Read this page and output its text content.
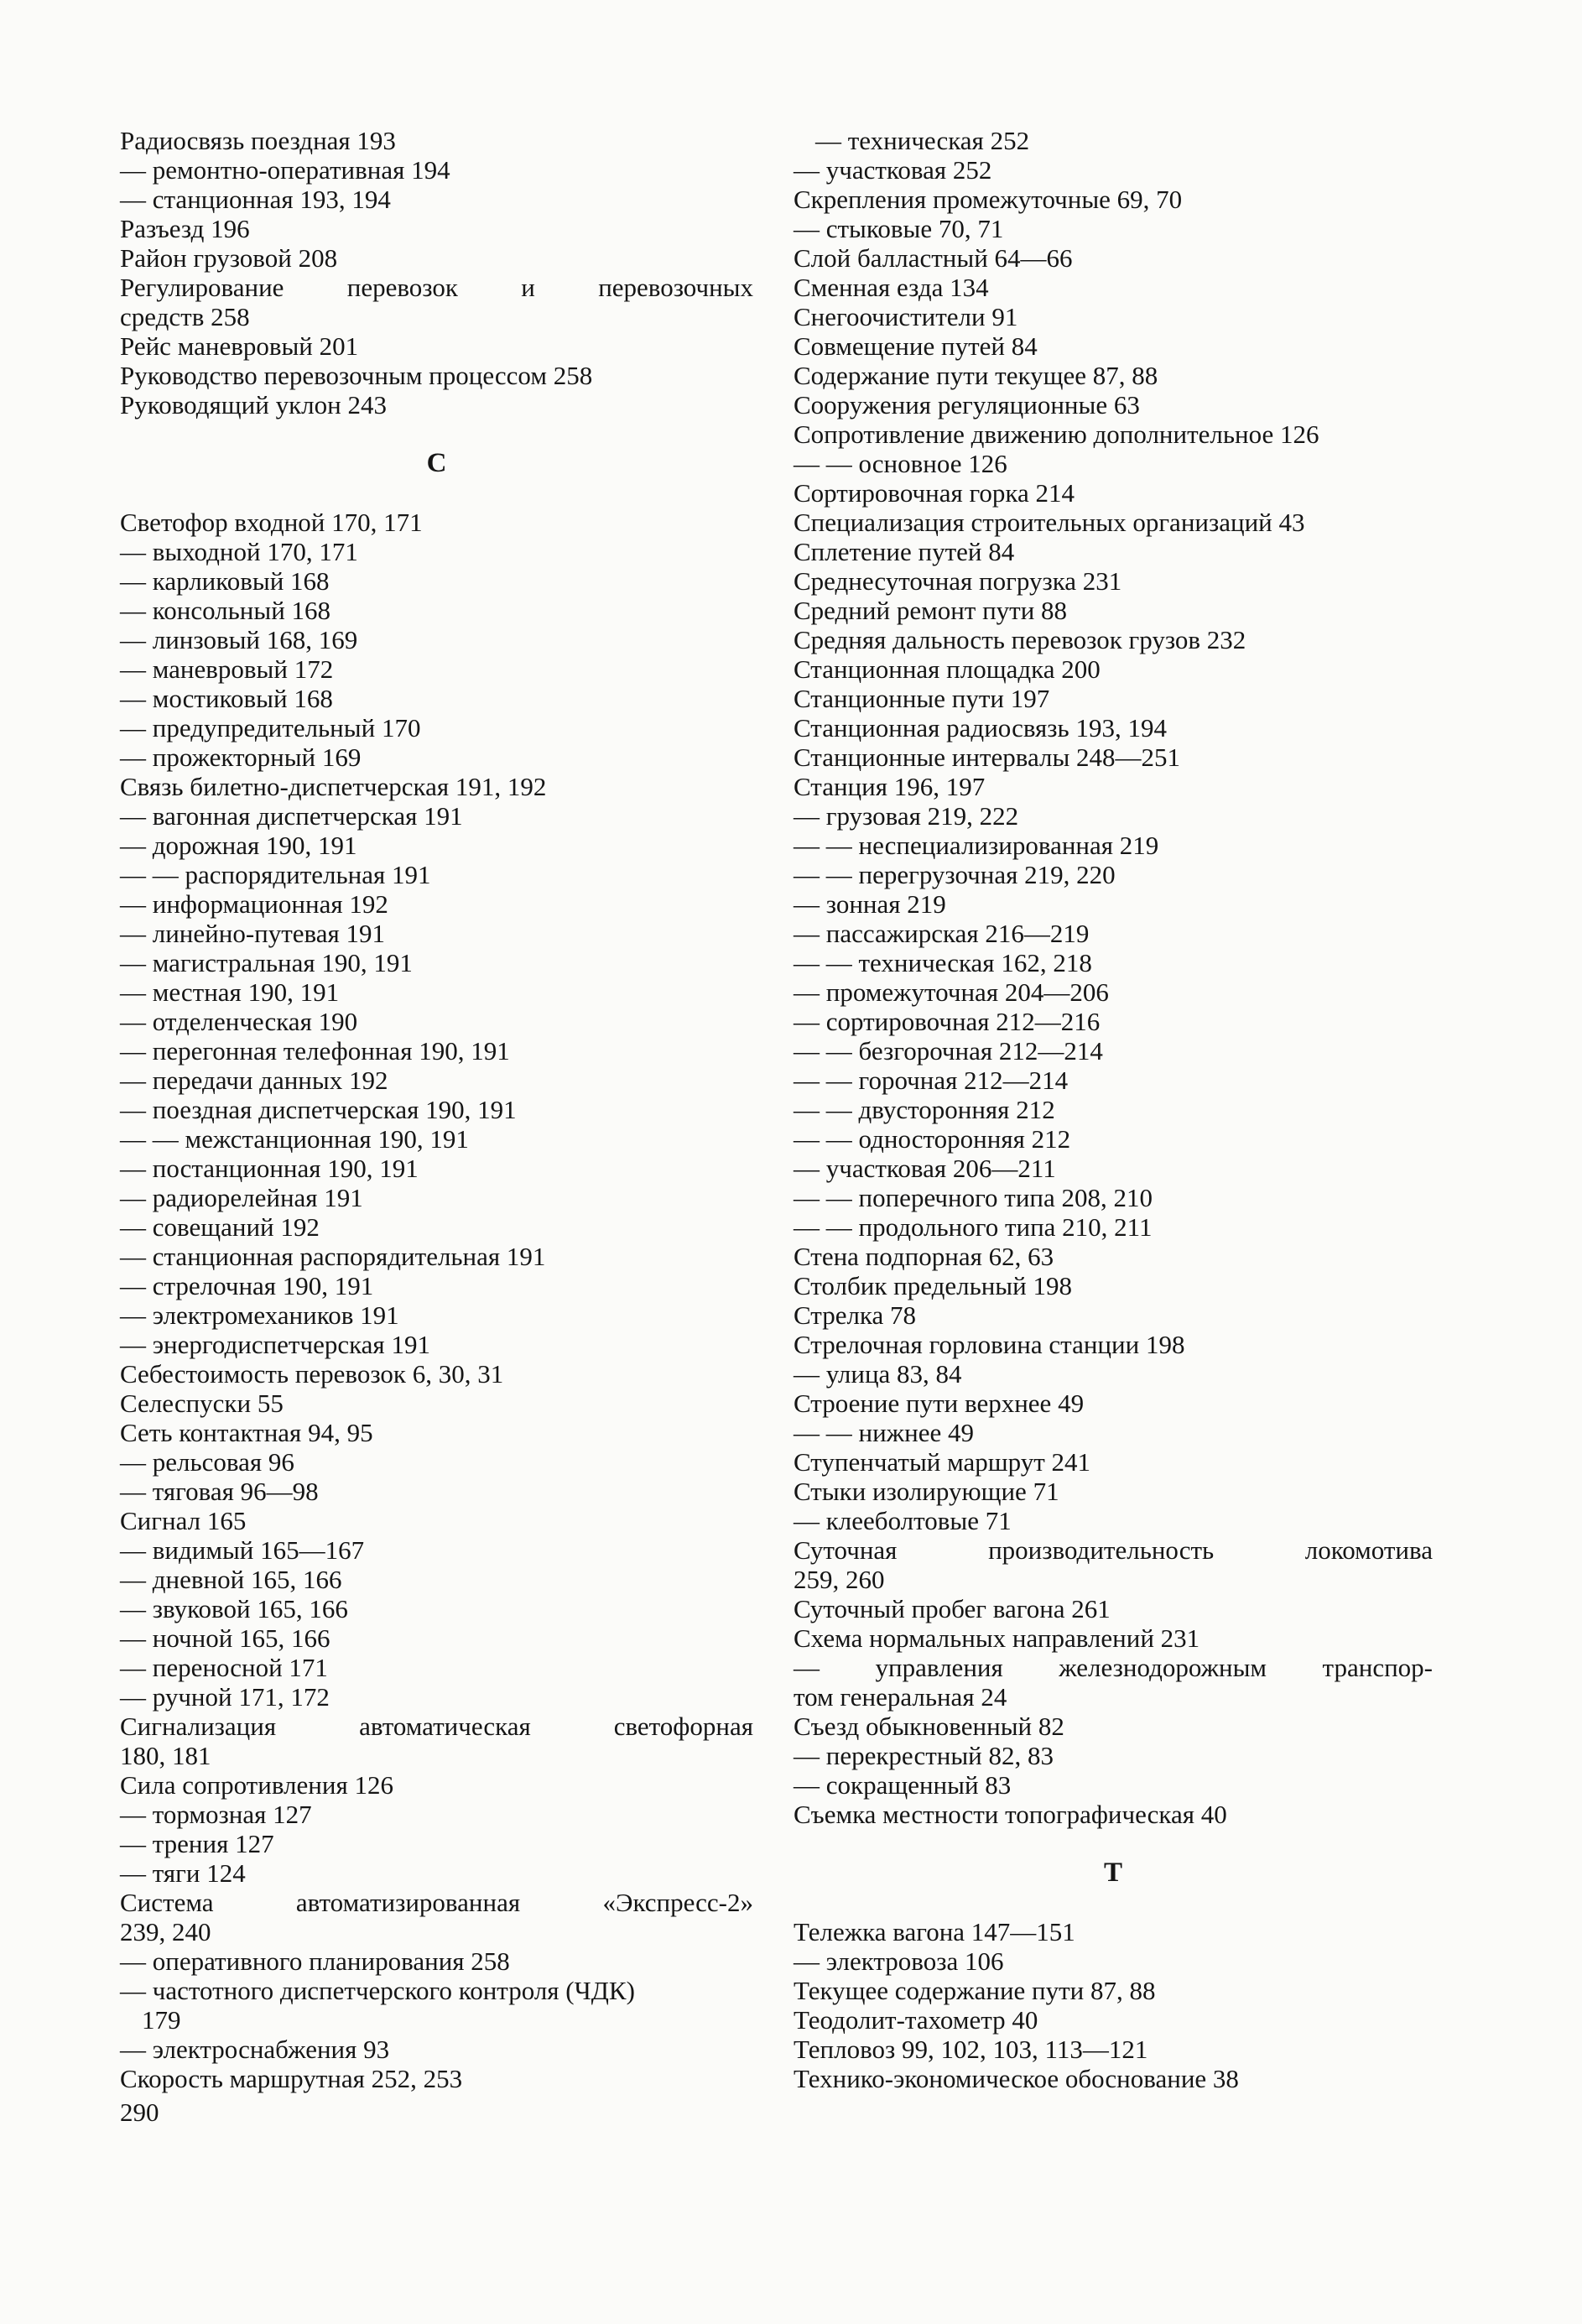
Радиосвязь поездная 193
— ремонтно-оперативная 194
— станционная 193, 194
Разъезд 196
Район грузовой 208
Регулирование перевозок и перевозочных
средств 258
Рейс маневровый 201
Руководство перевозочным процессом 258
Руководящий уклон 243
С
Светофор входной 170, 171
— выходной 170, 171
— карликовый 168
— консольный 168
— линзовый 168, 169
— маневровый 172
— мостиковый 168
— предупредительный 170
— прожекторный 169
Связь билетно-диспетчерская 191, 192
— вагонная диспетчерская 191
— дорожная 190, 191
— — распорядительная 191
— информационная 192
— линейно-путевая 191
— магистральная 190, 191
— местная 190, 191
— отделенческая 190
— перегонная телефонная 190, 191
— передачи данных 192
— поездная диспетчерская 190, 191
— — межстанционная 190, 191
— постанционная 190, 191
— радиорелейная 191
— совещаний 192
— станционная распорядительная 191
— стрелочная 190, 191
— электромехаников 191
— энергодиспетчерская 191
Себестоимость перевозок 6, 30, 31
Селеспуски 55
Сеть контактная 94, 95
— рельсовая 96
— тяговая 96—98
Сигнал 165
— видимый 165—167
— дневной 165, 166
— звуковой 165, 166
— ночной 165, 166
— переносной 171
— ручной 171, 172
Сигнализация автоматическая светофорная
180, 181
Сила сопротивления 126
— тормозная 127
— трения 127
— тяги 124
Система автоматизированная «Экспресс-2»
239, 240
— оперативного планирования 258
— частотного диспетчерского контроля (ЧДК)
179
— электроснабжения 93
Скорость маршрутная 252, 253
— техническая 252
— участковая 252
Скрепления промежуточные 69, 70
— стыковые 70, 71
Слой балластный 64—66
Сменная езда 134
Снегоочистители 91
Совмещение путей 84
Содержание пути текущее 87, 88
Сооружения регуляционные 63
Сопротивление движению дополнительное 126
— — основное 126
Сортировочная горка 214
Специализация строительных организаций 43
Сплетение путей 84
Среднесуточная погрузка 231
Средний ремонт пути 88
Средняя дальность перевозок грузов 232
Станционная площадка 200
Станционные пути 197
Станционная радиосвязь 193, 194
Станционные интервалы 248—251
Станция 196, 197
— грузовая 219, 222
— — неспециализированная 219
— — перегрузочная 219, 220
— зонная 219
— пассажирская 216—219
— — техническая 162, 218
— промежуточная 204—206
— сортировочная 212—216
— — безгорочная 212—214
— — горочная 212—214
— — двусторонняя 212
— — односторонняя 212
— участковая 206—211
— — поперечного типа 208, 210
— — продольного типа 210, 211
Стена подпорная 62, 63
Столбик предельный 198
Стрелка 78
Стрелочная горловина станции 198
— улица 83, 84
Строение пути верхнее 49
— — нижнее 49
Ступенчатый маршрут 241
Стыки изолирующие 71
— клееболтовые 71
Суточная производительность локомотива
259, 260
Суточный пробег вагона 261
Схема нормальных направлений 231
— управления железнодорожным транспор-
том генеральная 24
Съезд обыкновенный 82
— перекрестный 82, 83
— сокращенный 83
Съемка местности топографическая 40
Т
Тележка вагона 147—151
— электровоза 106
Текущее содержание пути 87, 88
Теодолит-тахометр 40
Тепловоз 99, 102, 103, 113—121
Технико-экономическое обоснование 38
290
